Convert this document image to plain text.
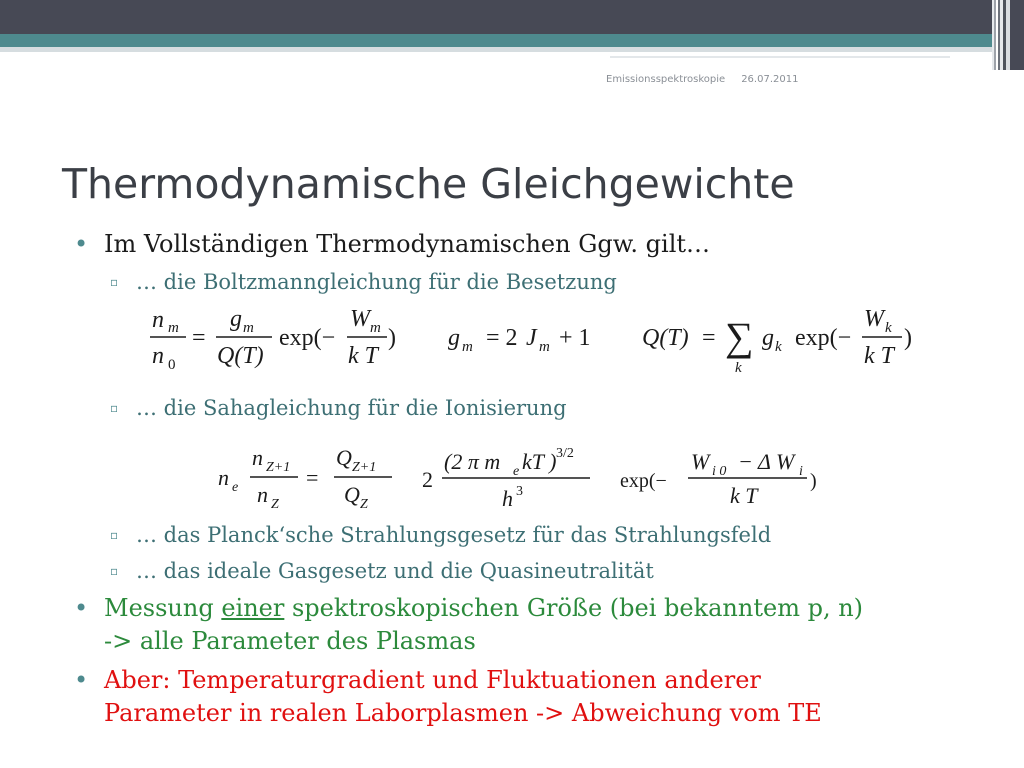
Emissionsspektroskopie 26.07.2011
Thermodynamische Gleichgewichte
• Im Vollständigen Thermodynamischen Ggw. gilt…
▫ … die Boltzmanngleichung für die Besetzung
n m
n 0
=
g m
Q(T)
exp(−
W m
k T
) g m = 2 J m + 1 Q(T) = ∑
k
g k exp(−
W k
k T
)
▫ … die Sahagleichung für die Ionisierung
n e
n Z+1
n Z
=
Q Z+1
Q Z
2
(2 π m e kT ) 3/2
h 3	exp(−
W i 0 − Δ W i
k T
)
▫ … das Planck‘sche Strahlungsgesetz für das Strahlungsfeld
▫ … das ideale Gasgesetz und die Quasineutralität
• Messung einer spektroskopischen Größe (bei bekanntem p, n)
-> alle Parameter des Plasmas
• Aber: Temperaturgradient und Fluktuationen anderer
Parameter in realen Laborplasmen -> Abweichung vom TE
